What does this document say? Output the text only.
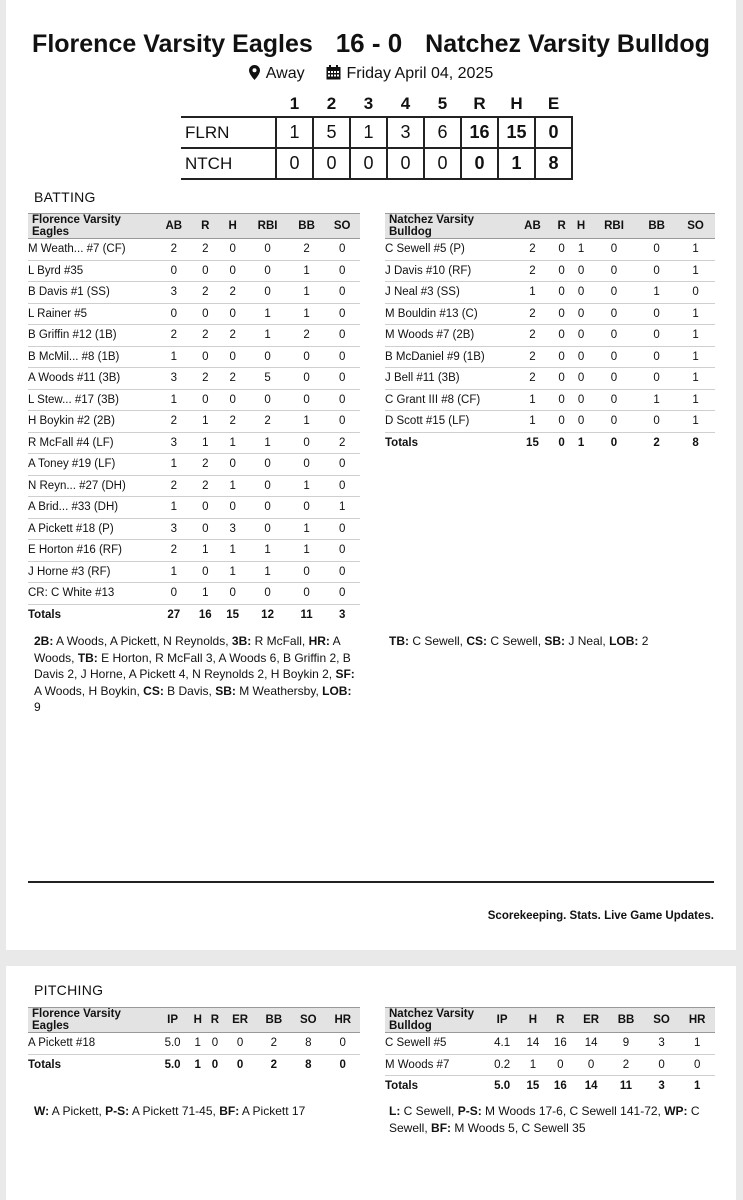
Florence Varsity Eagles 16 - 0 Natchez Varsity Bulldog
Away	Friday April 04, 2025
	1	2	3	4	5	R	H	E
FLRN	1	5	1	3	6	16	15	0
NTCH	0	0	0	0	0	0	1	8
BATTING
Florence Varsity Eagles	AB	R	H	RBI	BB	SO
M Weath... #7 (CF)	2	2	0	0	2	0
L Byrd #35	0	0	0	0	1	0
B Davis #1 (SS)	3	2	2	0	1	0
L Rainer #5	0	0	0	1	1	0
B Griffin #12 (1B)	2	2	2	1	2	0
B McMil... #8 (1B)	1	0	0	0	0	0
A Woods #11 (3B)	3	2	2	5	0	0
L Stew... #17 (3B)	1	0	0	0	0	0
H Boykin #2 (2B)	2	1	2	2	1	0
R McFall #4 (LF)	3	1	1	1	0	2
A Toney #19 (LF)	1	2	0	0	0	0
N Reyn... #27 (DH)	2	2	1	0	1	0
A Brid... #33 (DH)	1	0	0	0	0	1
A Pickett #18 (P)	3	0	3	0	1	0
E Horton #16 (RF)	2	1	1	1	1	0
J Horne #3 (RF)	1	0	1	1	0	0
CR: C White #13	0	1	0	0	0	0
Totals	27	16	15	12	11	3
Natchez Varsity Bulldog	AB	R	H	RBI	BB	SO
C Sewell #5 (P)	2	0	1	0	0	1
J Davis #10 (RF)	2	0	0	0	0	1
J Neal #3 (SS)	1	0	0	0	1	0
M Bouldin #13 (C)	2	0	0	0	0	1
M Woods #7 (2B)	2	0	0	0	0	1
B McDaniel #9 (1B)	2	0	0	0	0	1
J Bell #11 (3B)	2	0	0	0	0	1
C Grant III #8 (CF)	1	0	0	0	1	1
D Scott #15 (LF)	1	0	0	0	0	1
Totals	15	0	1	0	2	8
2B: A Woods, A Pickett, N Reynolds, 3B: R McFall, HR: A Woods, TB: E Horton, R McFall 3, A Woods 6, B Griffin 2, B Davis 2, J Horne, A Pickett 4, N Reynolds 2, H Boykin 2, SF: A Woods, H Boykin, CS: B Davis, SB: M Weathersby, LOB: 9
TB: C Sewell, CS: C Sewell, SB: J Neal, LOB: 2
Scorekeeping. Stats. Live Game Updates.
PITCHING
Florence Varsity Eagles	IP	H	R	ER	BB	SO	HR
A Pickett #18	5.0	1	0	0	2	8	0
Totals	5.0	1	0	0	2	8	0
Natchez Varsity Bulldog	IP	H	R	ER	BB	SO	HR
C Sewell #5	4.1	14	16	14	9	3	1
M Woods #7	0.2	1	0	0	2	0	0
Totals	5.0	15	16	14	11	3	1
W: A Pickett, P-S: A Pickett 71-45, BF: A Pickett 17	L: C Sewell, P-S: M Woods 17-6, C Sewell 141-72, WP: C Sewell, BF: M Woods 5, C Sewell 35
